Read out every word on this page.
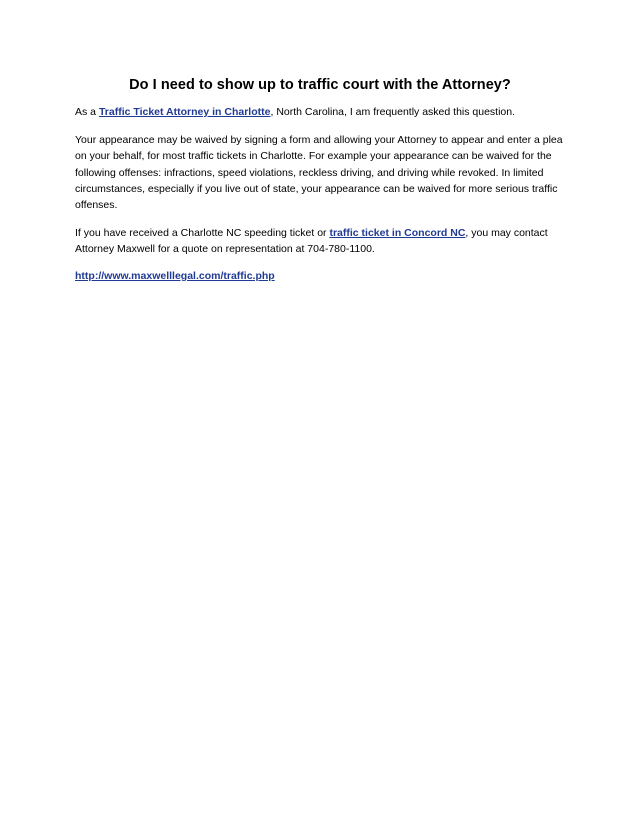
Do I need to show up to traffic court with the Attorney?

As a Traffic Ticket Attorney in Charlotte, North Carolina, I am frequently asked this question.

Your appearance may be waived by signing a form and allowing your Attorney to appear and enter a plea on your behalf, for most traffic tickets in Charlotte. For example your appearance can be waived for the following offenses: infractions, speed violations, reckless driving, and driving while revoked. In limited circumstances, especially if you live out of state, your appearance can be waived for more serious traffic offenses.

If you have received a Charlotte NC speeding ticket or traffic ticket in Concord NC, you may contact Attorney Maxwell for a quote on representation at 704-780-1100.

http://www.maxwelllegal.com/traffic.php
